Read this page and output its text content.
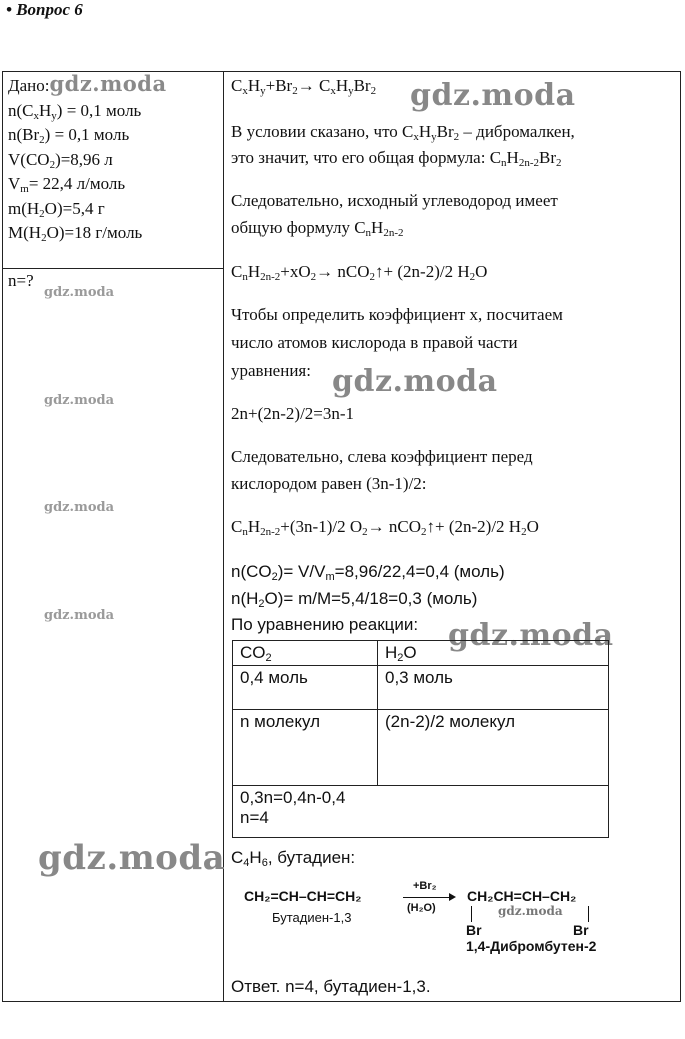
• Вопрос 6
Дано:gdz.moda
$n(C_xH_y) = 0,1$ моль
$n(Br_2) = 0,1$ моль
$V(CO_2)=8,96$ л
$V_m= 22,4$ л/моль
$m(H_2O)=5,4$ г
$M(H_2O)=18$ г/моль
n=?
gdz.moda
gdz.moda
gdz.moda
gdz.moda
gdz.moda
$C_xH_y+Br_2\to C_xH_yBr_2$ gdz.moda
В условии сказано, что $C_xH_yBr_2$ – дибромалкен,
это значит, что его общая формула: $C_nH_{2n-2}Br_2$
Следовательно, исходный углеводород имеет
общую формулу $C_nH_{2n-2}$
$C_nH_{2n-2}+xO_2\to$ nCO$_2$↑+ (2n-2)/2 $H_2O$
Чтобы определить коэффициент x, посчитаем
число атомов кислорода в правой части
уравнения: gdz.moda
2n+(2n-2)/2=3n-1
Следовательно, слева коэффициент перед
кислородом равен (3n-1)/2:
$C_nH_{2n-2}+(3n-1)/2$ $O_2\to$ nCO$_2$↑+ (2n-2)/2 $H_2O$
$n(CO_2)= V/V_m=8,96/22,4=0,4$ (моль)
$n(H_2O)= m/M=5,4/18=0,3$ (моль)
По уравнению реакции: gdz.moda
$CO_2$	$H_2O$
0,4 моль	0,3 моль
n молекул	(2n-2)/2 молекул

0,3n=0,4n-0,4
n=4	
$C_4H_6$, бутадиен:
CH₂=CH–CH=CH₂
Бутадиен-1,3
+Br₂
(H₂O)
CH₂CH=CH–CH₂
Br	Br
1,4-Дибромбутен-2
gdz.moda
Ответ. n=4, бутадиен-1,3.
